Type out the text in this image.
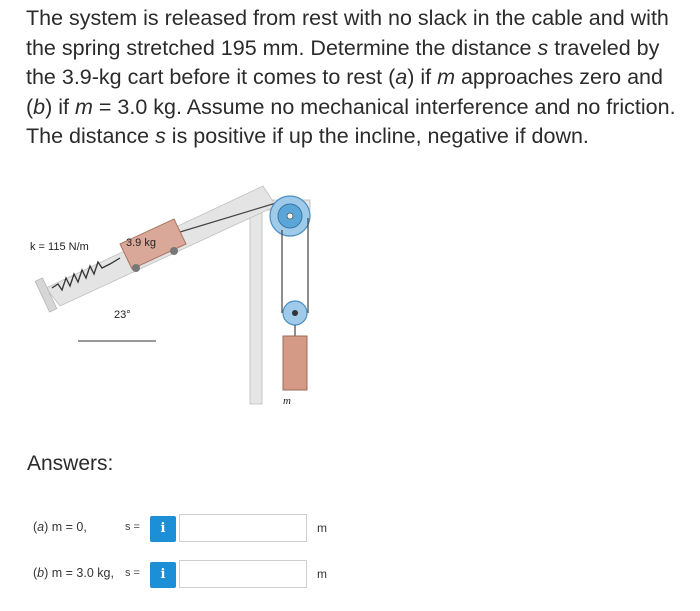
The system is released from rest with no slack in the cable and with the spring stretched 195 mm. Determine the distance s traveled by the 3.9-kg cart before it comes to rest (a) if m approaches zero and (b) if m = 3.0 kg. Assume no mechanical interference and no friction. The distance s is positive if up the incline, negative if down.
k = 115 N/m	3.9 kg
23°
m
Answers:
(a) m = 0,	s =	i	m
(b) m = 3.0 kg, s =	i	m
